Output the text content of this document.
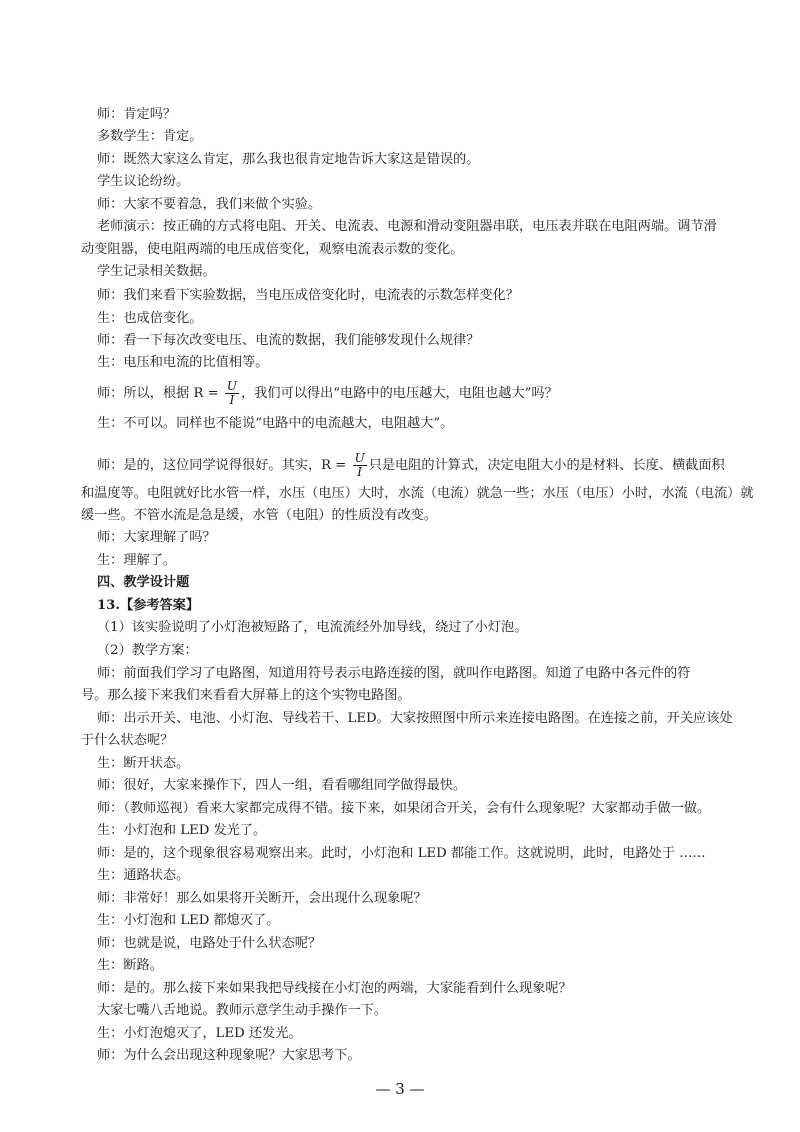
师：肯定吗？
多数学生：肯定。
师：既然大家这么肯定，那么我也很肯定地告诉大家这是错误的。
学生议论纷纷。
师：大家不要着急，我们来做个实验。
老师演示：按正确的方式将电阻、开关、电流表、电源和滑动变阻器串联，电压表并联在电阻两端。调节滑
动变阻器，使电阻两端的电压成倍变化，观察电流表示数的变化。
学生记录相关数据。
师：我们来看下实验数据，当电压成倍变化时，电流表的示数怎样变化？
生：也成倍变化。
师：看一下每次改变电压、电流的数据，我们能够发现什么规律？
生：电压和电流的比值相等。
师：所以，根据 $R = \frac{U}{I}$ ，我们可以得出“电路中的电压越大，电阻也越大”吗？
生：不可以。同样也不能说“电路中的电流越大，电阻越大”。
师：是的，这位同学说得很好。其实，$R = \frac{U}{I}$ 只是电阻的计算式，决定电阻大小的是材料、长度、横截面积
和温度等。电阻就好比水管一样，水压（电压）大时，水流（电流）就急一些；水压（电压）小时，水流（电流）就
缓一些。不管水流是急是缓，水管（电阻）的性质没有改变。
师：大家理解了吗？
生：理解了。
四、教学设计题
13.【参考答案】
（1）该实验说明了小灯泡被短路了，电流流经外加导线，绕过了小灯泡。
（2）教学方案：
师：前面我们学习了电路图，知道用符号表示电路连接的图，就叫作电路图。知道了电路中各元件的符
号。那么接下来我们来看看大屏幕上的这个实物电路图。
师：出示开关、电池、小灯泡、导线若干、LED。大家按照图中所示来连接电路图。在连接之前，开关应该处
于什么状态呢？
生：断开状态。
师：很好，大家来操作下，四人一组，看看哪组同学做得最快。
师：（教师巡视）看来大家都完成得不错。接下来，如果闭合开关，会有什么现象呢？大家都动手做一做。
生：小灯泡和 LED 发光了。
师：是的，这个现象很容易观察出来。此时，小灯泡和 LED 都能工作。这就说明，此时，电路处于 ……
生：通路状态。
师：非常好！那么如果将开关断开，会出现什么现象呢？
生：小灯泡和 LED 都熄灭了。
师：也就是说，电路处于什么状态呢？
生：断路。
师：是的。那么接下来如果我把导线接在小灯泡的两端，大家能看到什么现象呢？
大家七嘴八舌地说。教师示意学生动手操作一下。
生：小灯泡熄灭了，LED 还发光。
师：为什么会出现这种现象呢？大家思考下。
— 3 —
